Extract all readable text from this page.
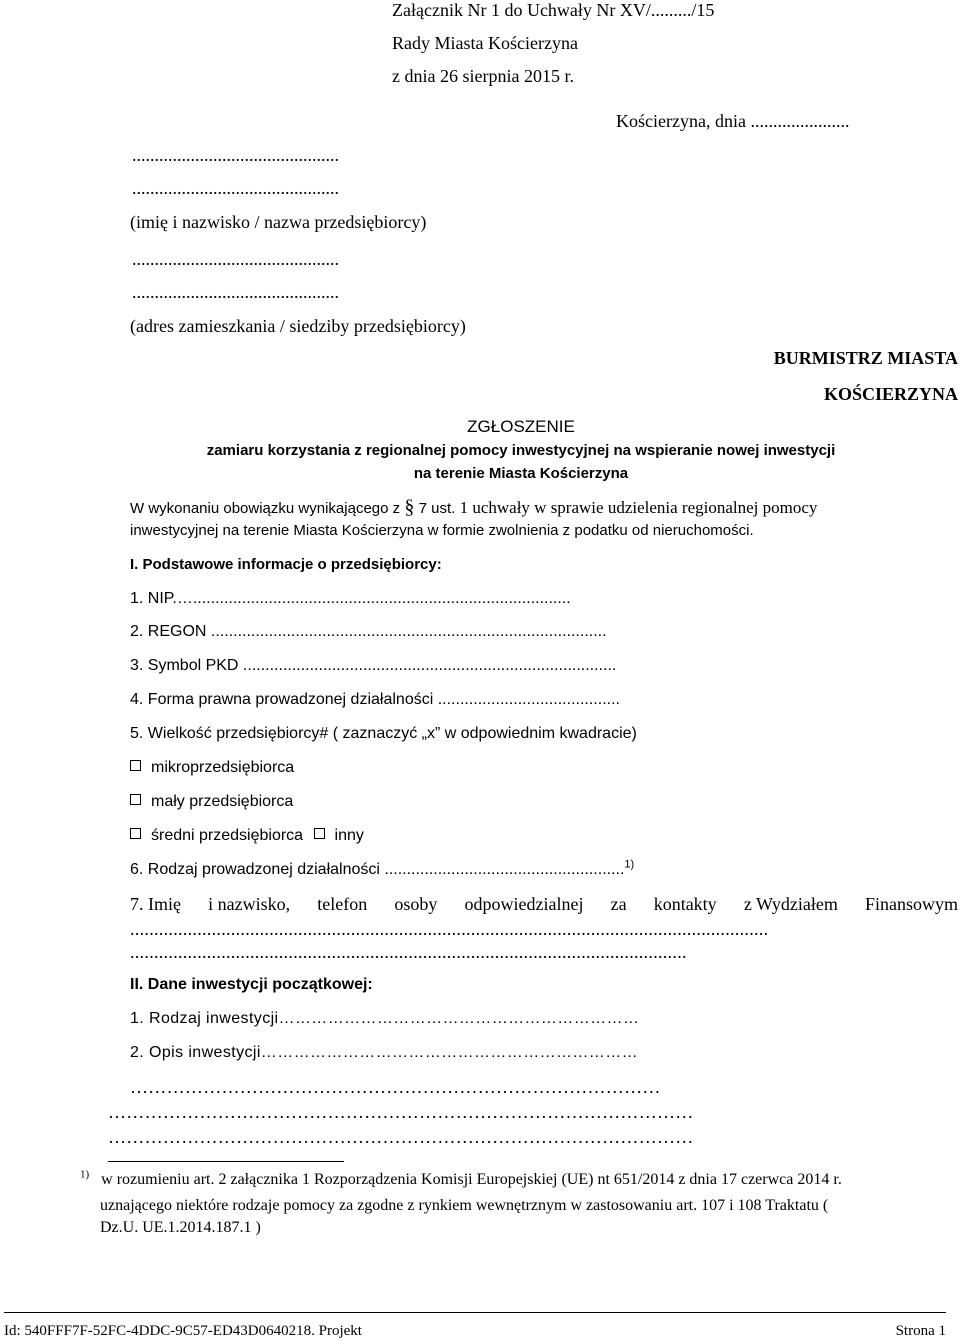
Załącznik Nr 1 do Uchwały Nr XV/........./15
Rady Miasta Kościerzyna
z dnia 26 sierpnia 2015 r.
Kościerzyna, dnia ......................
..............................................
..............................................
(imię i nazwisko / nazwa przedsiębiorcy)
..............................................
..............................................
(adres zamieszkania / siedziby przedsiębiorcy)
BURMISTRZ MIASTA
KOŚCIERZYNA
ZGŁOSZENIE
zamiaru korzystania z regionalnej pomocy inwestycyjnej na wspieranie nowej inwestycji
na terenie Miasta Kościerzyna
W wykonaniu obowiązku wynikającego z § 7 ust. 1 uchwały w sprawie udzielenia regionalnej pomocy
inwestycyjnej na terenie Miasta Kościerzyna w formie zwolnienia z podatku od nieruchomości.
I. Podstawowe informacje o przedsiębiorcy:
1. NIP.….....................................................................................
2. REGON .........................................................................................
3. Symbol PKD ....................................................................................
4. Forma prawna prowadzonej działalności .........................................
5. Wielkość przedsiębiorcy# ( zaznaczyć „x” w odpowiednim kwadracie)
mikroprzedsiębiorca
mały przedsiębiorca
średni przedsiębiorca inny
6. Rodzaj prowadzonej działalności ......................................................$^{1)}$
7. Imię i nazwisko, telefon osoby odpowiedzialnej za kontakty z Wydziałem Finansowym
.....................................................................................................................................
....................................................................................................................
II. Dane inwestycji początkowej:
1. Rodzaj inwestycji…………………………………………………………
2. Opis inwestycji……………………………………………………………
……………………………………………………………………………
……………………………………………………………………………………
……………………………………………………………………………………
$^{1)}$ w rozumieniu art. 2 załącznika 1 Rozporządzenia Komisji Europejskiej (UE) nt 651/2014 z dnia 17 czerwca 2014 r.
uznającego niektóre rodzaje pomocy za zgodne z rynkiem wewnętrznym w zastosowaniu art. 107 i 108 Traktatu (
Dz.U. UE.1.2014.187.1 )
Id: 540FFF7F-52FC-4DDC-9C57-ED43D0640218. Projekt	Strona 1
